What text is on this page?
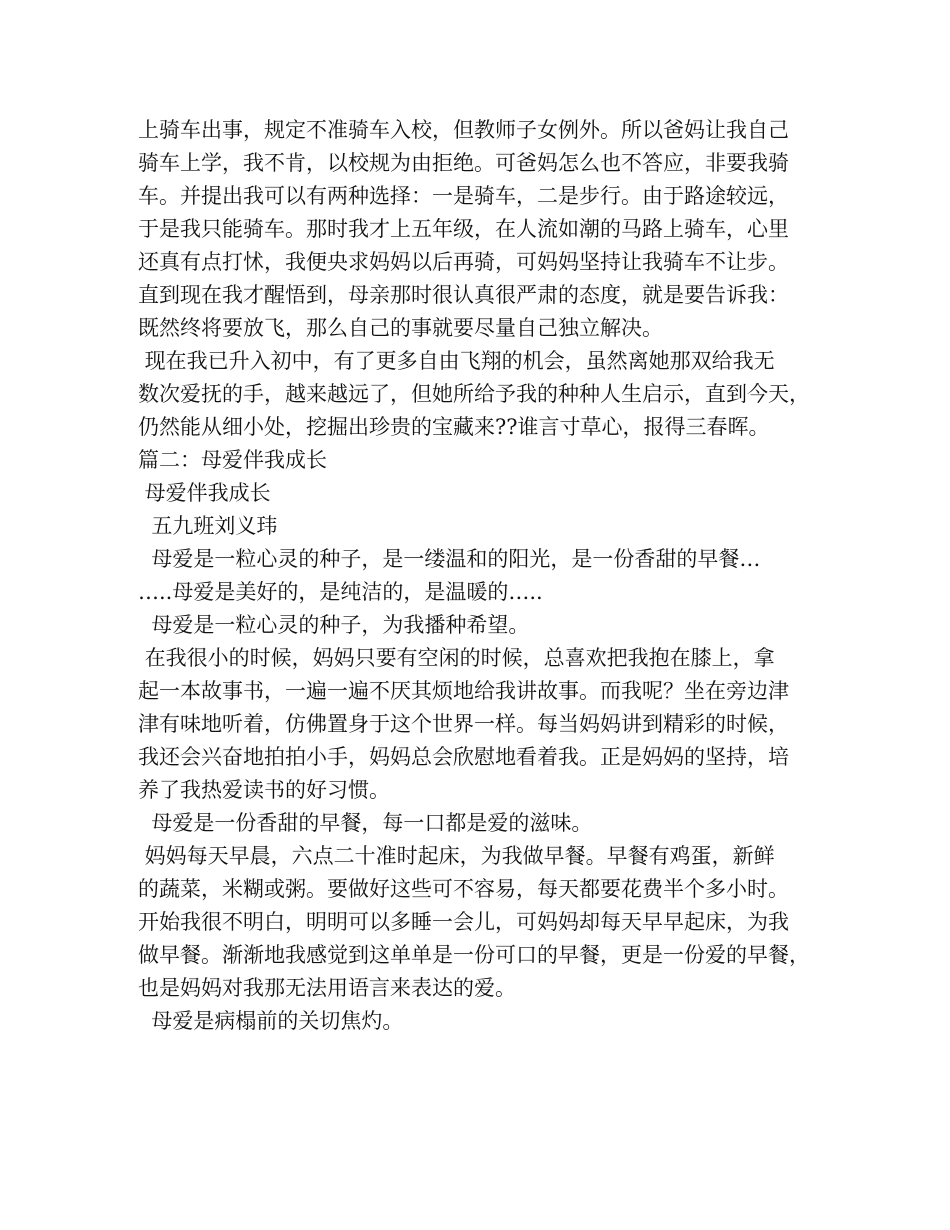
上骑车出事，规定不准骑车入校，但教师子女例外。所以爸妈让我自己
骑车上学，我不肯，以校规为由拒绝。可爸妈怎么也不答应，非要我骑
车。并提出我可以有两种选择：一是骑车，二是步行。由于路途较远，
于是我只能骑车。那时我才上五年级，在人流如潮的马路上骑车，心里
还真有点打怵，我便央求妈妈以后再骑，可妈妈坚持让我骑车不让步。
直到现在我才醒悟到，母亲那时很认真很严肃的态度，就是要告诉我：
既然终将要放飞，那么自己的事就要尽量自己独立解决。
现在我已升入初中，有了更多自由飞翔的机会，虽然离她那双给我无
数次爱抚的手，越来越远了，但她所给予我的种种人生启示，直到今天，
仍然能从细小处，挖掘出珍贵的宝藏来??谁言寸草心，报得三春晖。
篇二：母爱伴我成长
母爱伴我成长
五九班刘义玮
母爱是一粒心灵的种子，是一缕温和的阳光，是一份香甜的早餐…
…..母爱是美好的，是纯洁的，是温暖的…..
母爱是一粒心灵的种子，为我播种希望。
在我很小的时候，妈妈只要有空闲的时候，总喜欢把我抱在膝上，拿
起一本故事书，一遍一遍不厌其烦地给我讲故事。而我呢？坐在旁边津
津有味地听着，仿佛置身于这个世界一样。每当妈妈讲到精彩的时候，
我还会兴奋地拍拍小手，妈妈总会欣慰地看着我。正是妈妈的坚持，培
养了我热爱读书的好习惯。
母爱是一份香甜的早餐，每一口都是爱的滋味。
妈妈每天早晨，六点二十准时起床，为我做早餐。早餐有鸡蛋，新鲜
的蔬菜，米糊或粥。要做好这些可不容易，每天都要花费半个多小时。
开始我很不明白，明明可以多睡一会儿，可妈妈却每天早早起床，为我
做早餐。渐渐地我感觉到这单单是一份可口的早餐，更是一份爱的早餐，
也是妈妈对我那无法用语言来表达的爱。
母爱是病榻前的关切焦灼。
